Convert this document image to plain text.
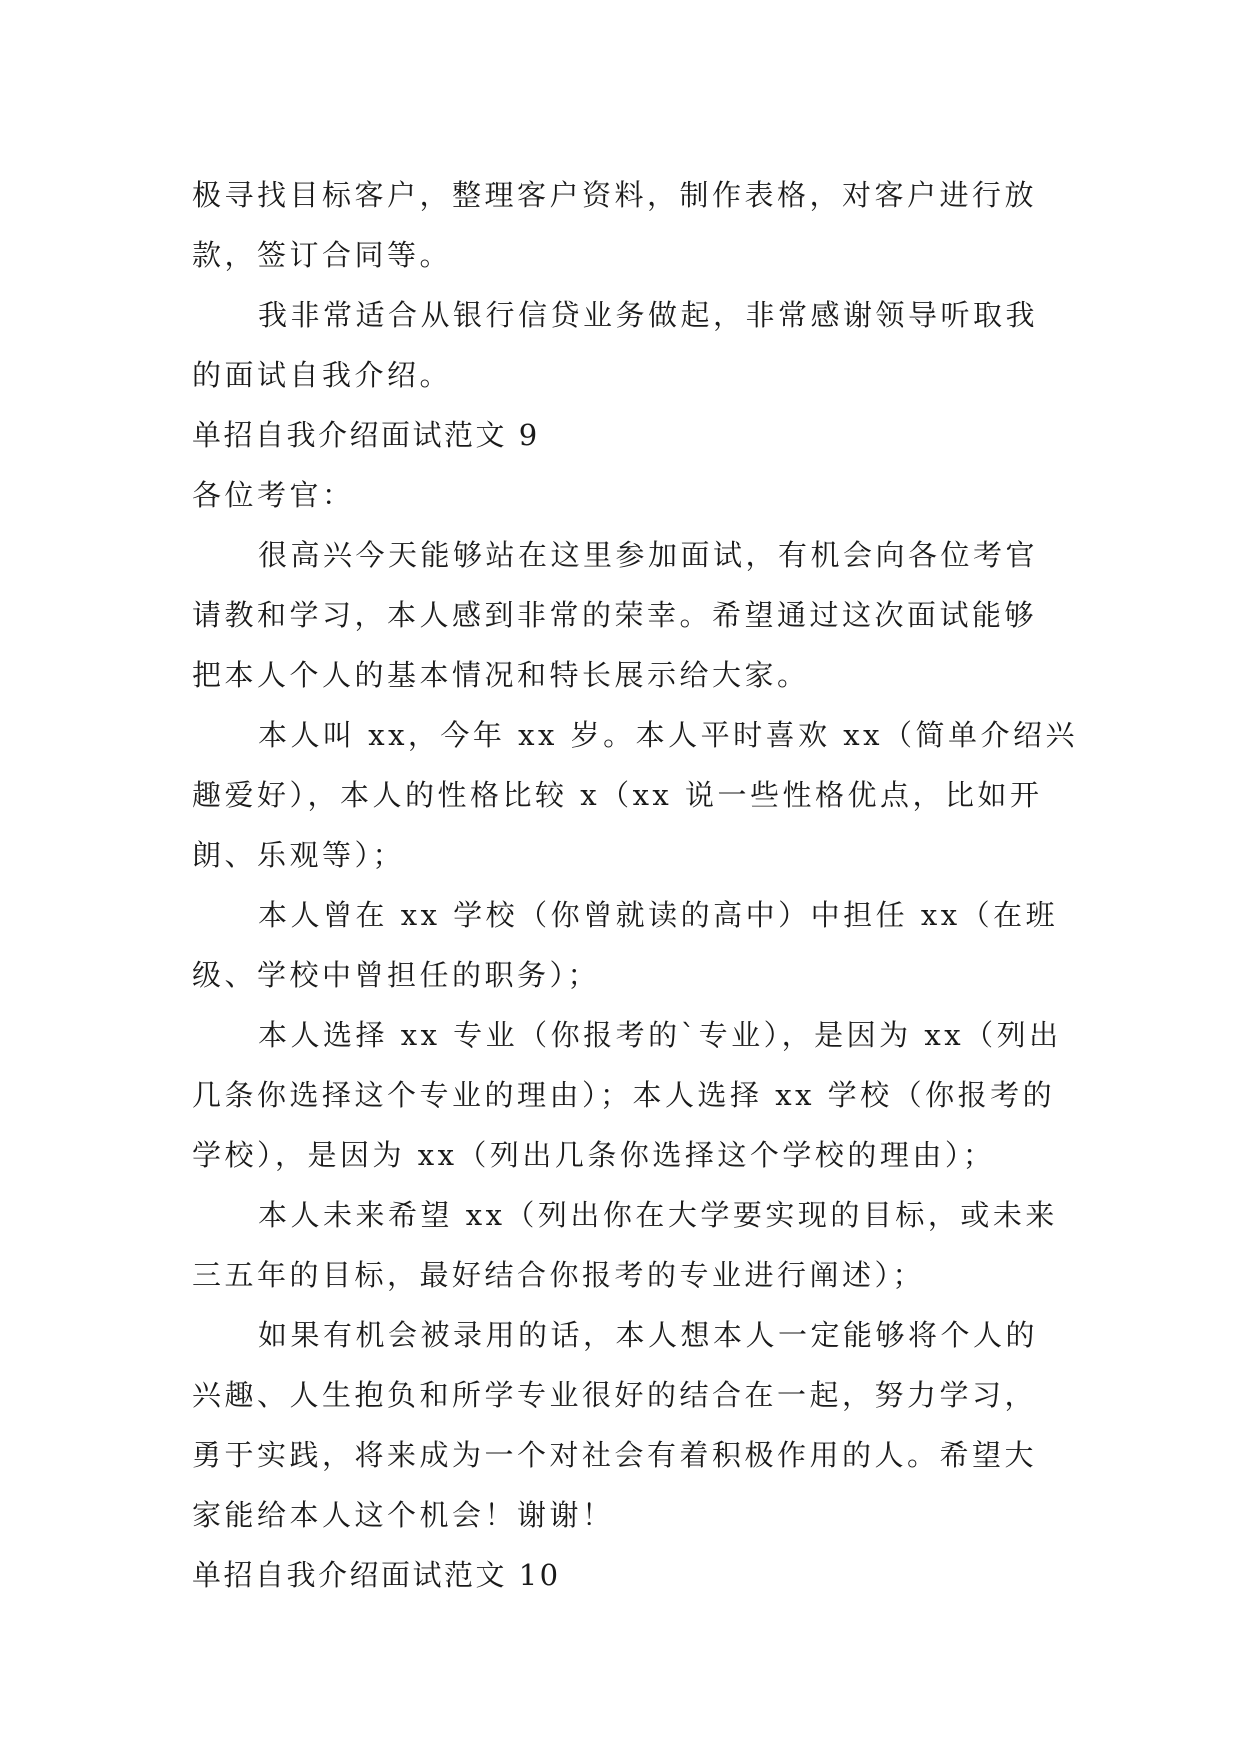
极寻找目标客户，整理客户资料，制作表格，对客户进行放
款，签订合同等。
我非常适合从银行信贷业务做起，非常感谢领导听取我
的面试自我介绍。
单招自我介绍面试范文 9
各位考官：
很高兴今天能够站在这里参加面试，有机会向各位考官
请教和学习，本人感到非常的荣幸。希望通过这次面试能够
把本人个人的基本情况和特长展示给大家。
本人叫 xx，今年 xx 岁。本人平时喜欢 xx（简单介绍兴
趣爱好），本人的性格比较 x（xx 说一些性格优点，比如开
朗、乐观等）；
本人曾在 xx 学校（你曾就读的高中）中担任 xx（在班
级、学校中曾担任的职务）；
本人选择 xx 专业（你报考的`专业），是因为 xx（列出
几条你选择这个专业的理由）；本人选择 xx 学校（你报考的
学校），是因为 xx（列出几条你选择这个学校的理由）；
本人未来希望 xx（列出你在大学要实现的目标，或未来
三五年的目标，最好结合你报考的专业进行阐述）；
如果有机会被录用的话，本人想本人一定能够将个人的
兴趣、人生抱负和所学专业很好的结合在一起，努力学习，
勇于实践，将来成为一个对社会有着积极作用的人。希望大
家能给本人这个机会！谢谢！
单招自我介绍面试范文 10
